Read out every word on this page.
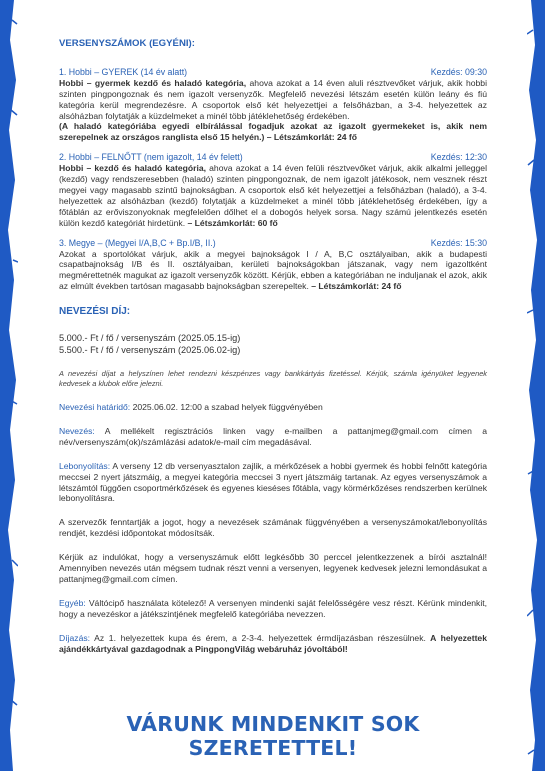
VERSENYSZÁMOK (EGYÉNI):
1. Hobbi – GYEREK (14 év alatt)	Kezdés: 09:30

Hobbi – gyermek kezdő és haladó kategória, ahova azokat a 14 éven aluli résztvevőket várjuk, akik hobbi szinten pingpongoznak és nem igazolt versenyzők. Megfelelő nevezési létszám esetén külön leány és fiú kategória kerül megrendezésre. A csoportok első két helyezettjei a felsőházban, a 3-4. helyezettek az alsóházban folytatják a küzdelmeket a minél több játéklehetőség érdekében.

(A haladó kategóriába egyedi elbírálással fogadjuk azokat az igazolt gyermekeket is, akik nem szerepelnek az országos ranglista első 15 helyén.) – Létszámkorlát: 24 fő

2. Hobbi – FELNŐTT (nem igazolt, 14 év felett)	Kezdés: 12:30

Hobbi – kezdő és haladó kategória, ahova azokat a 14 éven felüli résztvevőket várjuk, akik alkalmi jelleggel (kezdő) vagy rendszeresebben (haladó) szinten pingpongoznak, de nem igazolt játékosok, nem vesznek részt megyei vagy magasabb szintű bajnokságban. A csoportok első két helyezettjei a felsőházban (haladó), a 3-4. helyezettek az alsóházban (kezdő) folytatják a küzdelmeket a minél több játéklehetőség érdekében, így a főtáblán az erőviszonyoknak megfelelően dőlhet el a dobogós helyek sorsa. Nagy számú jelentkezés esetén külön kezdő kategóriát hirdetünk. – Létszámkorlát: 60 fő

3. Megye – (Megyei I/A,B,C + Bp.I/B, II.)	Kezdés: 15:30

Azokat a sportolókat várjuk, akik a megyei bajnokságok I / A, B,C osztályaiban, akik a budapesti csapatbajnokság I/B és II. osztályaiban, kerületi bajnokságokban játszanak, vagy nem igazoltként megmérettetnék magukat az igazolt versenyzők között. Kérjük, ebben a kategóriában ne induljanak el azok, akik az elmúlt években tartósan magasabb bajnokságban szerepeltek. – Létszámkorlát: 24 fő

NEVEZÉSI DÍJ:
5.000.- Ft / fő / versenyszám (2025.05.15-ig)
5.500.- Ft / fő / versenyszám (2025.06.02-ig)

A nevezési díjat a helyszínen lehet rendezni készpénzes vagy bankkártyás fizetéssel. Kérjük, számla igényüket legyenek kedvesek a klubok előre jelezni.

Nevezési határidő: 2025.06.02. 12:00 a szabad helyek függvényében

Nevezés: A mellékelt regisztrációs linken vagy e-mailben a pattanjmeg@gmail.com címen a név/versenyszám(ok)/számlázási adatok/e-mail cím megadásával.

Lebonyolítás: A verseny 12 db versenyasztalon zajlik, a mérkőzések a hobbi gyermek és hobbi felnőtt kategória meccsei 2 nyert játszmáig, a megyei kategória meccsei 3 nyert játszmáig tartanak. Az egyes versenyszámok a létszámtól függően csoportmérkőzések és egyenes kieséses főtábla, vagy körmérkőzéses rendszerben kerülnek lebonyolításra.

A szervezők fenntartják a jogot, hogy a nevezések számának függvényében a versenyszámokat/lebonyolítás rendjét, kezdési időpontokat módosítsák.

Kérjük az indulókat, hogy a versenyszámuk előtt legkésőbb 30 perccel jelentkezzenek a bírói asztalnál! Amennyiben nevezés után mégsem tudnak részt venni a versenyen, legyenek kedvesek jelezni lemondásukat a pattanjmeg@gmail.com címen.

Egyéb: Váltócipő használata kötelező! A versenyen mindenki saját felelősségére vesz részt. Kérünk mindenkit, hogy a nevezéskor a játékszintjének megfelelő kategóriába nevezzen.

Díjazás: Az 1. helyezettek kupa és érem, a 2-3-4. helyezettek érmdíjazásban részesülnek. A helyezettek ajándékkártyával gazdagodnak a PingpongVilág webáruház jóvoltából!

VÁRUNK MINDENKIT SOK SZERETETTEL!
